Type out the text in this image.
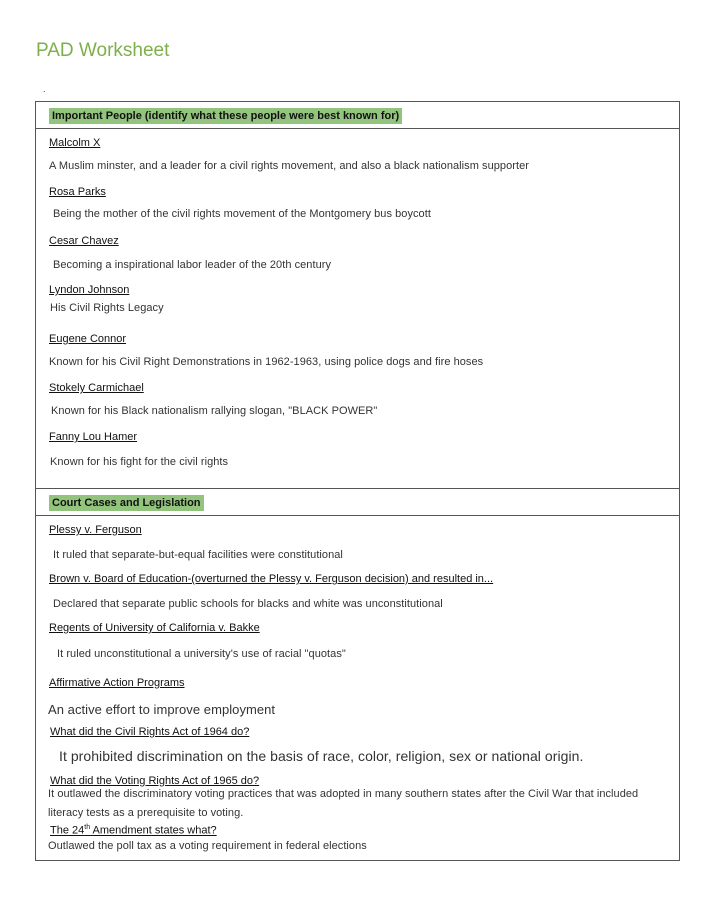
PAD Worksheet
.
Important People (identify what these people were best known for)
Malcolm X
A Muslim minster, and a leader for a civil rights movement, and also a black nationalism supporter
Rosa Parks
Being the mother of the civil rights movement of the Montgomery bus boycott
Cesar Chavez
Becoming a inspirational labor leader of the 20th century
Lyndon Johnson
His Civil Rights Legacy
Eugene Connor
Known for his Civil Right Demonstrations in 1962-1963, using police dogs and fire hoses
Stokely Carmichael
Known for his Black nationalism rallying slogan, "BLACK POWER"
Fanny Lou Hamer
Known for his fight for the civil rights
Court Cases and Legislation
Plessy v. Ferguson
It ruled that separate-but-equal facilities were constitutional
Brown v. Board of Education-(overturned the Plessy v. Ferguson decision) and resulted in...
Declared that separate public schools for blacks and white was unconstitutional
Regents of University of California v. Bakke
It ruled unconstitutional a university's use of racial "quotas"
Affirmative Action Programs
An active effort to improve employment
What did the Civil Rights Act of 1964 do?
It prohibited discrimination on the basis of race, color, religion, sex or national origin.
What did the Voting Rights Act of 1965 do?
It outlawed the discriminatory voting practices that was adopted in many southern states after the Civil War that included
literacy tests as a prerequisite to voting.
The 24th Amendment states what?
Outlawed the poll tax as a voting requirement in federal elections
